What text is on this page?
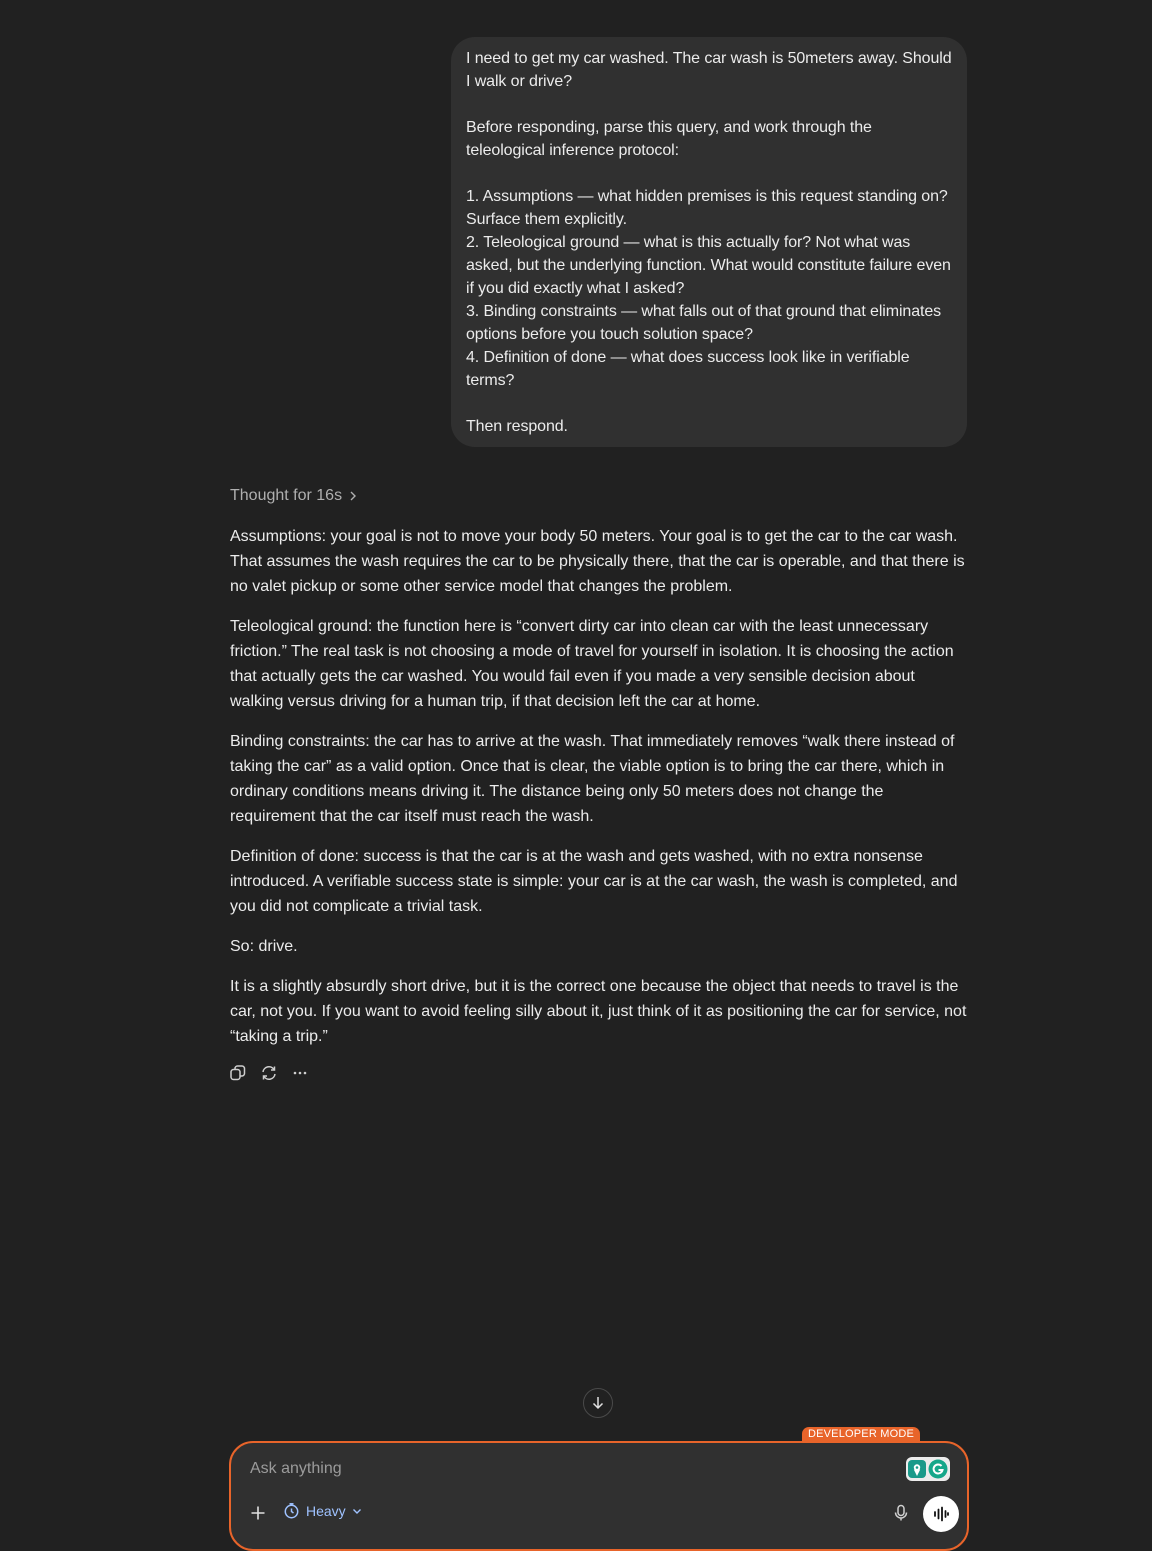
I need to get my car washed. The car wash is 50meters away. Should I walk or drive?

Before responding, parse this query, and work through the teleological inference protocol:

1. Assumptions — what hidden premises is this request standing on? Surface them explicitly.

2. Teleological ground — what is this actually for? Not what was asked, but the underlying function. What would constitute failure even if you did exactly what I asked?

3. Binding constraints — what falls out of that ground that eliminates options before you touch solution space?

4. Definition of done — what does success look like in verifiable terms?

Then respond.

Thought for 16s

Assumptions: your goal is not to move your body 50 meters. Your goal is to get the car to the car wash. That assumes the wash requires the car to be physically there, that the car is operable, and that there is no valet pickup or some other service model that changes the problem.

Teleological ground: the function here is “convert dirty car into clean car with the least unnecessary friction.” The real task is not choosing a mode of travel for yourself in isolation. It is choosing the action that actually gets the car washed. You would fail even if you made a very sensible decision about walking versus driving for a human trip, if that decision left the car at home.

Binding constraints: the car has to arrive at the wash. That immediately removes “walk there instead of taking the car” as a valid option. Once that is clear, the viable option is to bring the car there, which in ordinary conditions means driving it. The distance being only 50 meters does not change the requirement that the car itself must reach the wash.

Definition of done: success is that the car is at the wash and gets washed, with no extra nonsense introduced. A verifiable success state is simple: your car is at the car wash, the wash is completed, and you did not complicate a trivial task.

So: drive.

It is a slightly absurdly short drive, but it is the correct one because the object that needs to travel is the car, not you. If you want to avoid feeling silly about it, just think of it as positioning the car for service, not “taking a trip.”

DEVELOPER MODE
Ask anything
Heavy
